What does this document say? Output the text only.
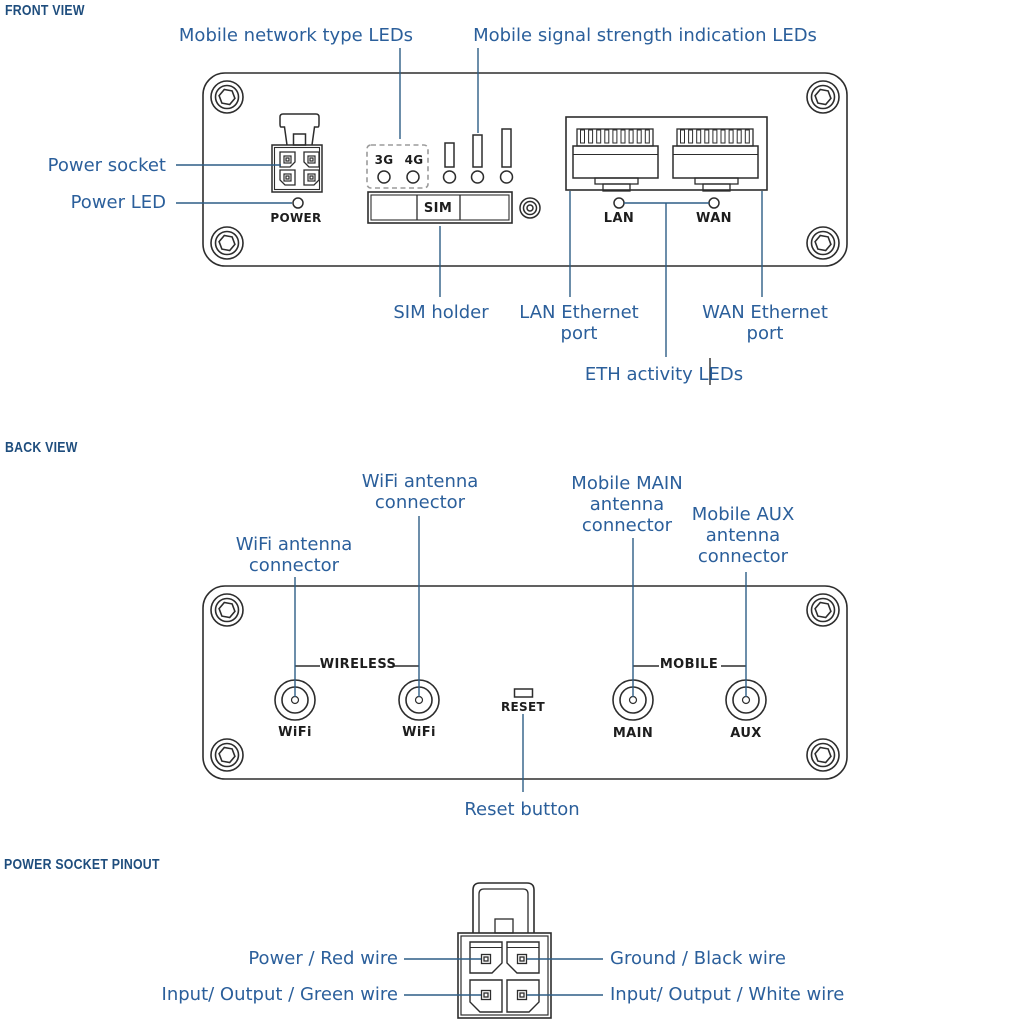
FRONT VIEW
BACK VIEW
POWER SOCKET PINOUT
Mobile network type LEDs	Mobile signal strength indication LEDs
Power socket
Power LED
SIM holder	LAN Ethernet
port
WAN Ethernet
port
ETH activity LEDs
POWER
SIM
LAN	WAN
3G 4G
WiFi antenna
connector
WiFi antenna
connector
Mobile MAIN
antenna
connector
Mobile AUX
antenna
connector
Reset button
WIRELESS	MOBILE
RESET
WiFi	WiFi	MAIN	AUX
Power / Red wire
Input/ Output / Green wire
Ground / Black wire
Input/ Output / White wire
